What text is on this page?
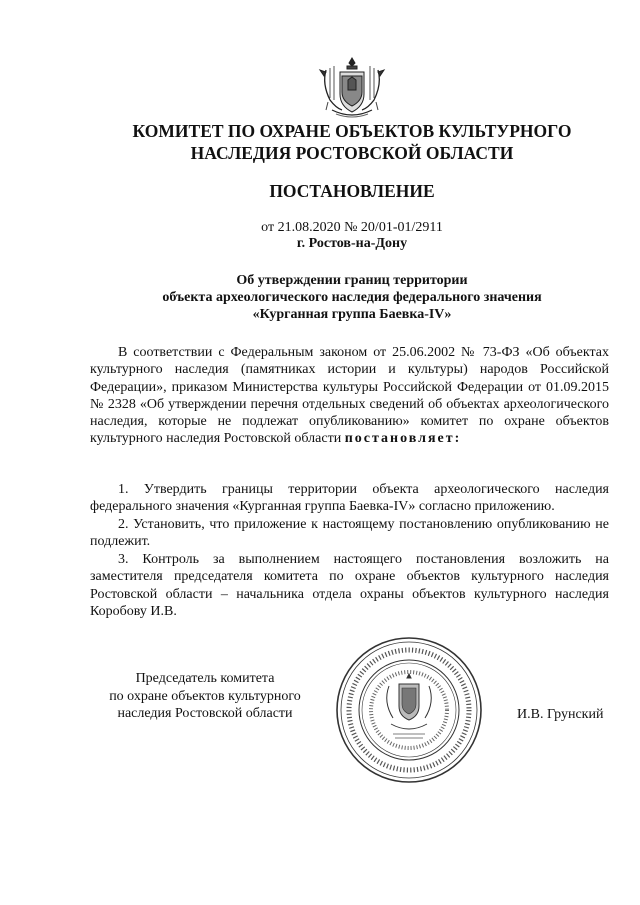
КОМИТЕТ ПО ОХРАНЕ ОБЪЕКТОВ КУЛЬТУРНОГО
НАСЛЕДИЯ РОСТОВСКОЙ ОБЛАСТИ
ПОСТАНОВЛЕНИЕ
от 21.08.2020 № 20/01-01/2911
г. Ростов-на-Дону
Об утверждении границ территории
объекта археологического наследия федерального значения
«Курганная группа Баевка-IV»
В соответствии с Федеральным законом от 25.06.2002 № 73-ФЗ «Об объектах культурного наследия (памятниках истории и культуры) народов Российской Федерации», приказом Министерства культуры Российской Федерации от 01.09.2015 № 2328 «Об утверждении перечня отдельных сведений об объектах археологического наследия, которые не подлежат опубликованию» комитет по охране объектов культурного наследия Ростовской области постановляет:
1. Утвердить границы территории объекта археологического наследия федерального значения «Курганная группа Баевка-IV» согласно приложению.
2. Установить, что приложение к настоящему постановлению опубликованию не подлежит.
3. Контроль за выполнением настоящего постановления возложить на заместителя председателя комитета по охране объектов культурного наследия Ростовской области – начальника отдела охраны объектов культурного наследия Коробову И.В.
Председатель комитета
по охране объектов культурного
наследия Ростовской области	И.В. Грунский
